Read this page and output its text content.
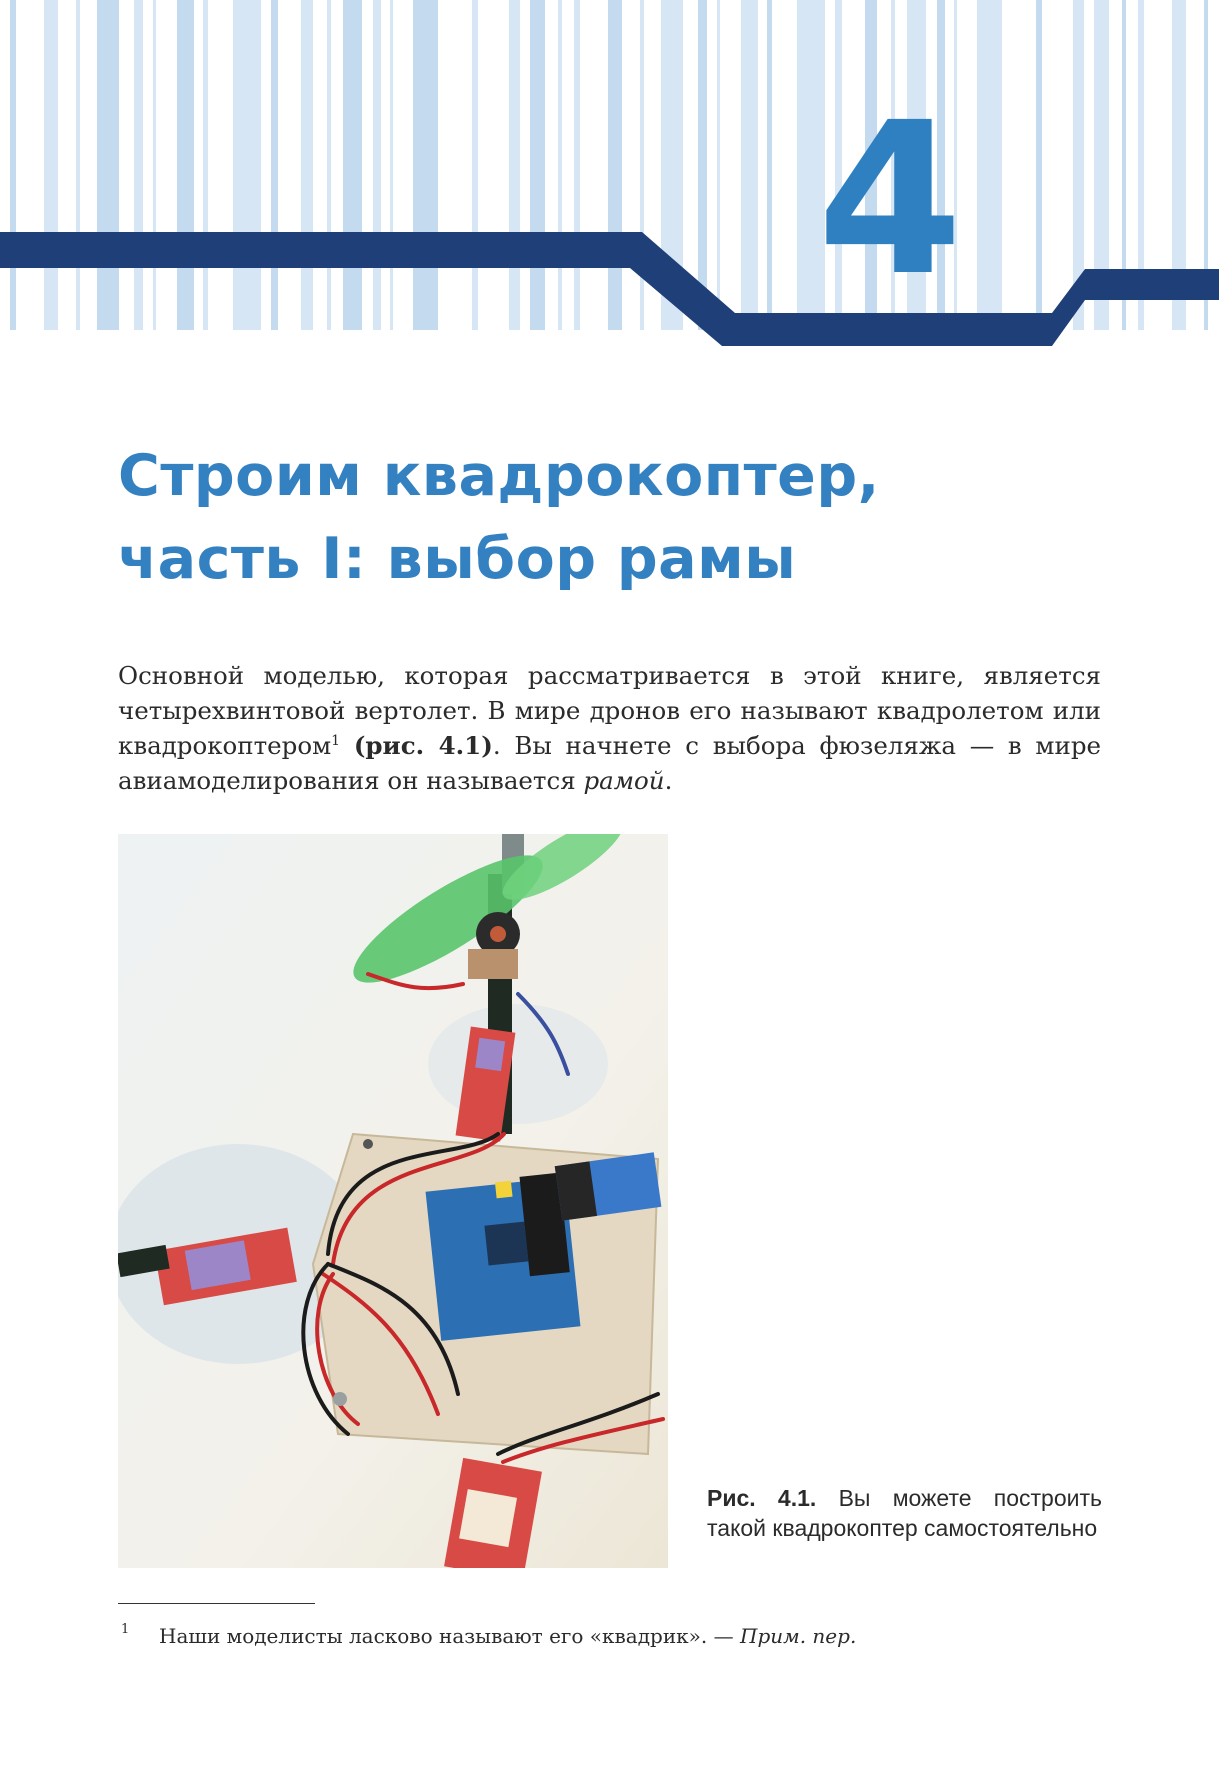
4
Строим квадрокоптер,
часть I: выбор рамы

Основной моделью, которая рассматривается в этой книге, является четырехвинтовой вертолет. В мире дронов его называют квадролетом или квадрокоптером$^1$ (рис. 4.1). Вы начнете с выбора фюзеляжа — в мире авиамоделирования он называется рамой.

Рис. 4.1. Вы можете построить такой квадрокоптер самостоятельно

1 Наши моделисты ласково называют его «квадрик». — Прим. пер.
